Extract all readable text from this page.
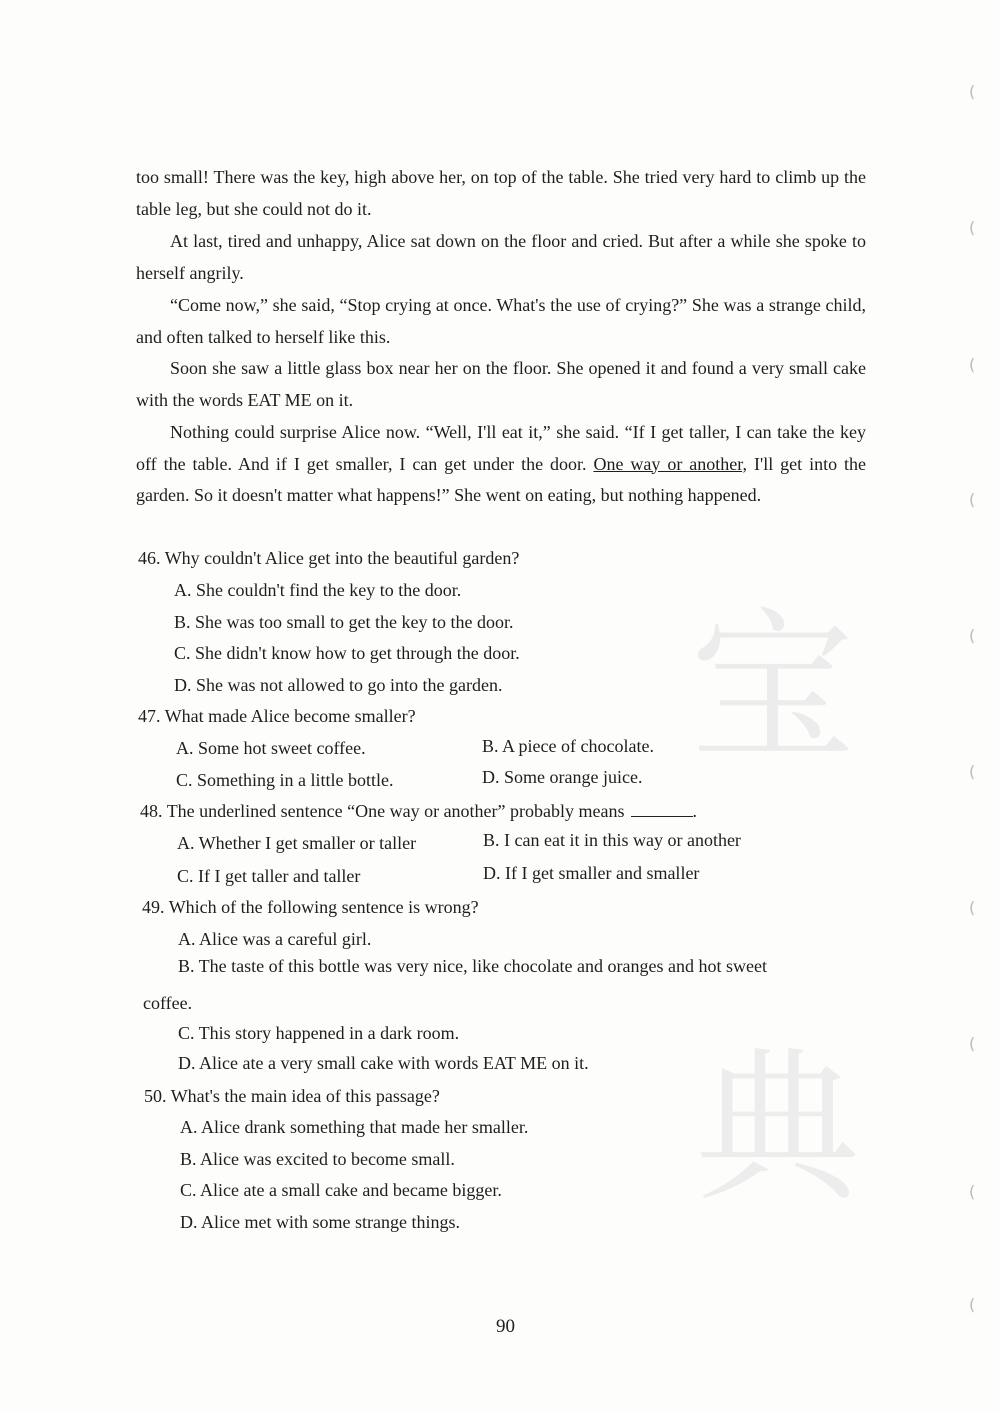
宝
典
(
(
(
(
(
(
(
(
(
(

too small! There was the key, high above her, on top of the table. She tried very hard to climb up the table leg, but she could not do it.

At last, tired and unhappy, Alice sat down on the floor and cried. But after a while she spoke to herself angrily.

“Come now,” she said, “Stop crying at once. What's the use of crying?” She was a strange child, and often talked to herself like this.

Soon she saw a little glass box near her on the floor. She opened it and found a very small cake with the words EAT ME on it.

Nothing could surprise Alice now. “Well, I'll eat it,” she said. “If I get taller, I can take the key off the table. And if I get smaller, I can get under the door. One way or another, I'll get into the garden. So it doesn't matter what happens!” She went on eating, but nothing happened.

46. Why couldn't Alice get into the beautiful garden?
A. She couldn't find the key to the door.
B. She was too small to get the key to the door.
C. She didn't know how to get through the door.
D. She was not allowed to go into the garden.
47. What made Alice become smaller?
A. Some hot sweet coffee.	B. A piece of chocolate.
C. Something in a little bottle.	D. Some orange juice.
48. The underlined sentence “One way or another” probably means	.
A. Whether I get smaller or taller	B. I can eat it in this way or another
C. If I get taller and taller	D. If I get smaller and smaller
49. Which of the following sentence is wrong?
A. Alice was a careful girl.
B. The taste of this bottle was very nice, like chocolate and oranges and hot sweet
coffee.
C. This story happened in a dark room.
D. Alice ate a very small cake with words EAT ME on it.
50. What's the main idea of this passage?
A. Alice drank something that made her smaller.
B. Alice was excited to become small.
C. Alice ate a small cake and became bigger.
D. Alice met with some strange things.
90
